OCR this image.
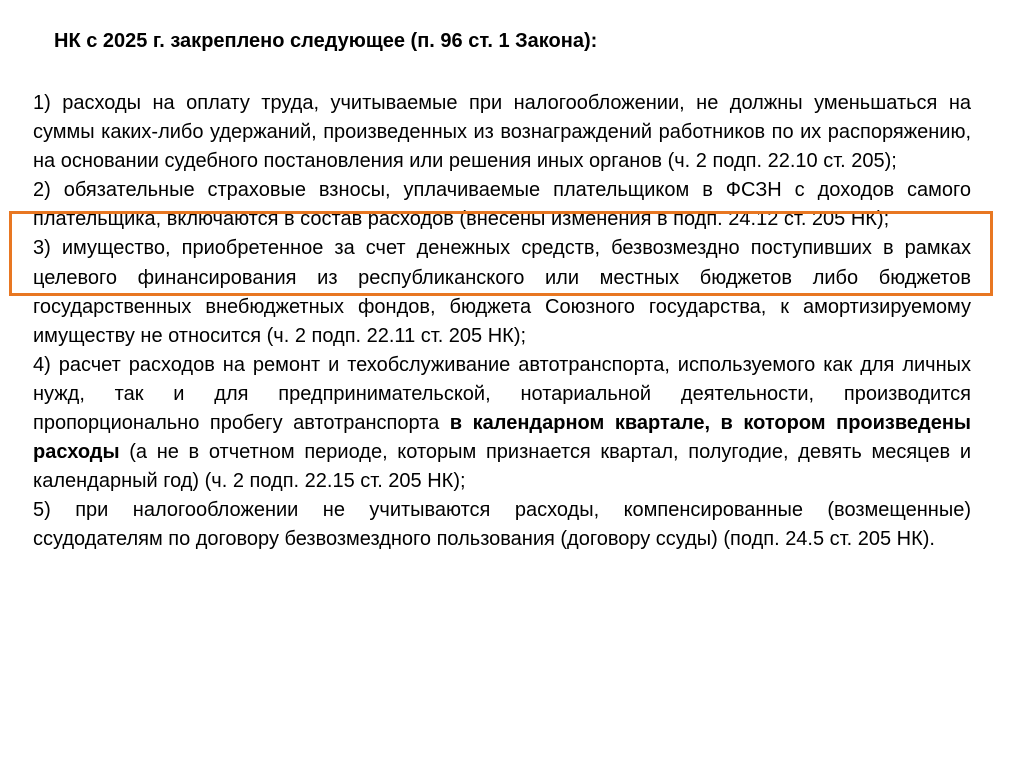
НК с 2025 г. закреплено следующее (п. 96 ст. 1 Закона):

1) расходы на оплату труда, учитываемые при налогообложении, не должны уменьшаться на суммы каких-либо удержаний, произведенных из вознаграждений работников по их распоряжению, на основании судебного постановления или решения иных органов (ч. 2 подп. 22.10 ст. 205);

2) обязательные страховые взносы, уплачиваемые плательщиком в ФСЗН с доходов самого плательщика, включаются в состав расходов (внесены изменения в подп. 24.12 ст. 205 НК);

3) имущество, приобретенное за счет денежных средств, безвозмездно поступивших в рамках целевого финансирования из республиканского или местных бюджетов либо бюджетов государственных внебюджетных фондов, бюджета Союзного государства, к амортизируемому имуществу не относится (ч. 2 подп. 22.11 ст. 205 НК);

4) расчет расходов на ремонт и техобслуживание автотранспорта, используемого как для личных нужд, так и для предпринимательской, нотариальной деятельности, производится пропорционально пробегу автотранспорта в календарном квартале, в котором произведены расходы (а не в отчетном периоде, которым признается квартал, полугодие, девять месяцев и календарный год) (ч. 2 подп. 22.15 ст. 205 НК);

5) при налогообложении не учитываются расходы, компенсированные (возмещенные) ссудодателям по договору безвозмездного пользования (договору ссуды) (подп. 24.5 ст. 205 НК).
